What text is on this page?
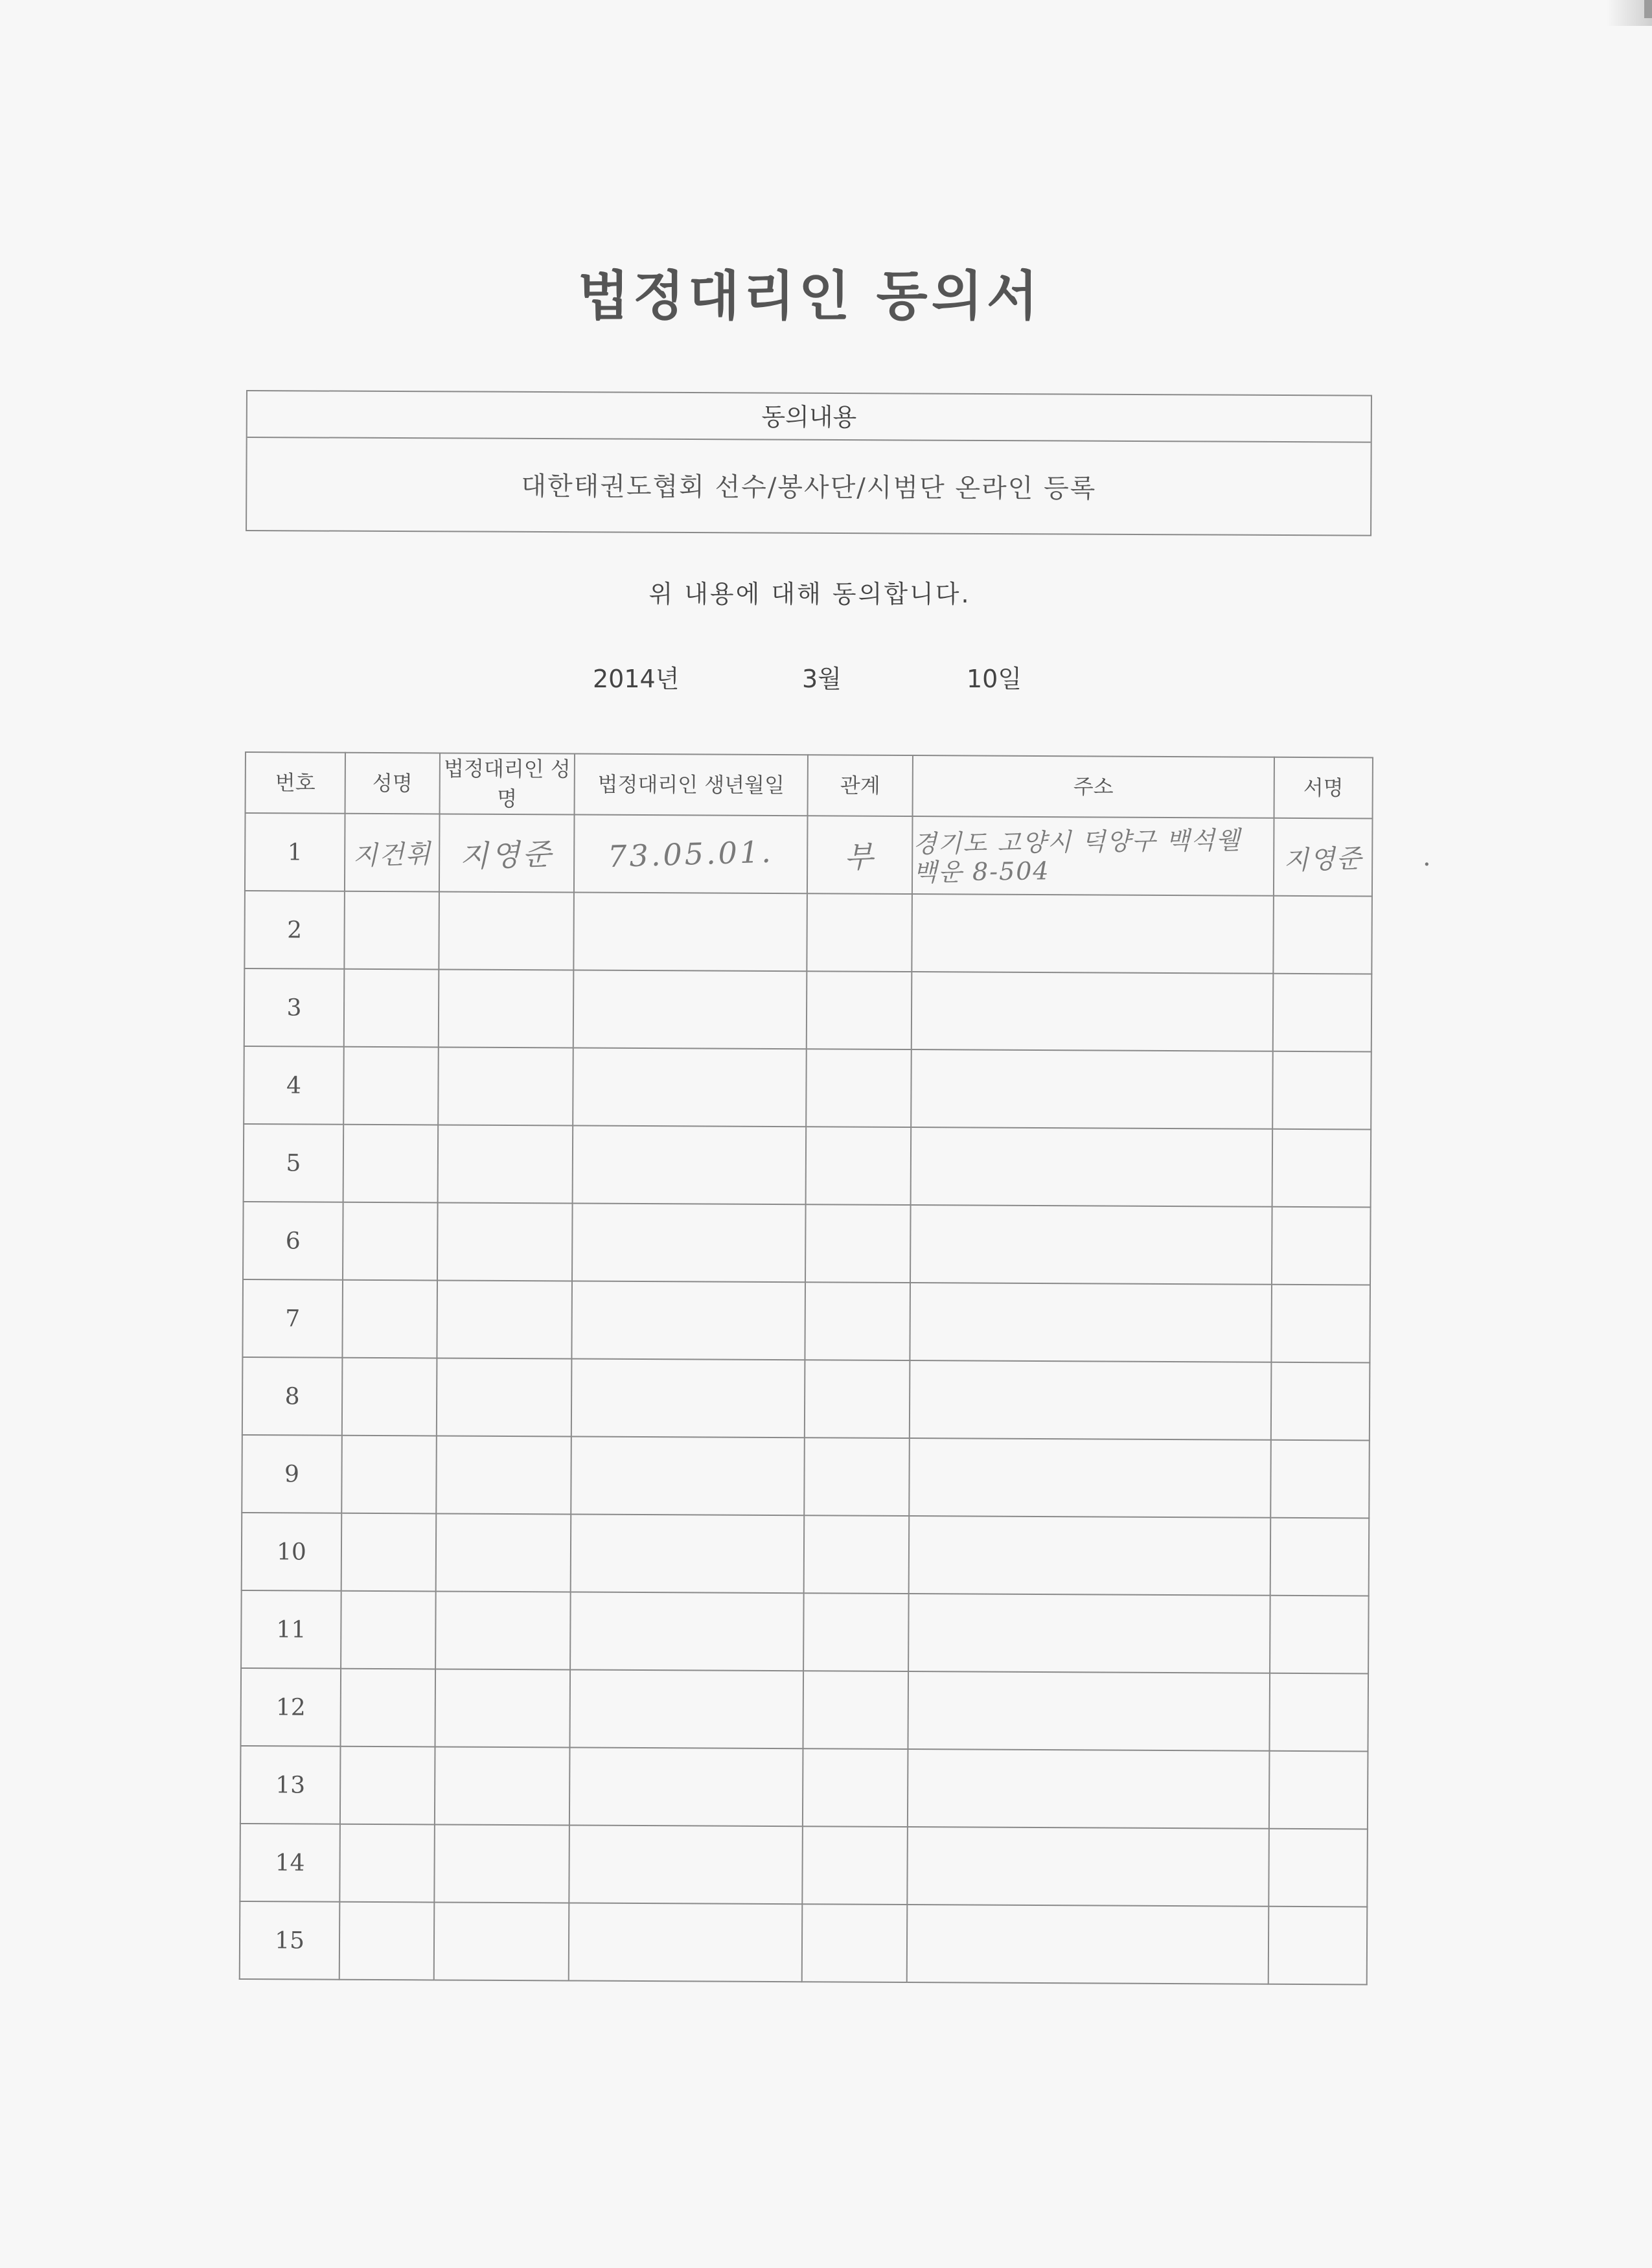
법정대리인 동의서
동의내용
대한태권도협회 선수/봉사단/시범단 온라인 등록
위 내용에 대해 동의합니다.
2014년	3월	10일
번호	성명	법정대리인 성명	법정대리인 생년월일	관계	주소	서명
1	지건휘	지영준	73.05.01.	부	경기도 고양시 덕양구 백석웰 백운 8-504	지영준
2						
3						
4						
5						
6						
7						
8						
9						
10						
11						
12						
13						
14						
15						
·
